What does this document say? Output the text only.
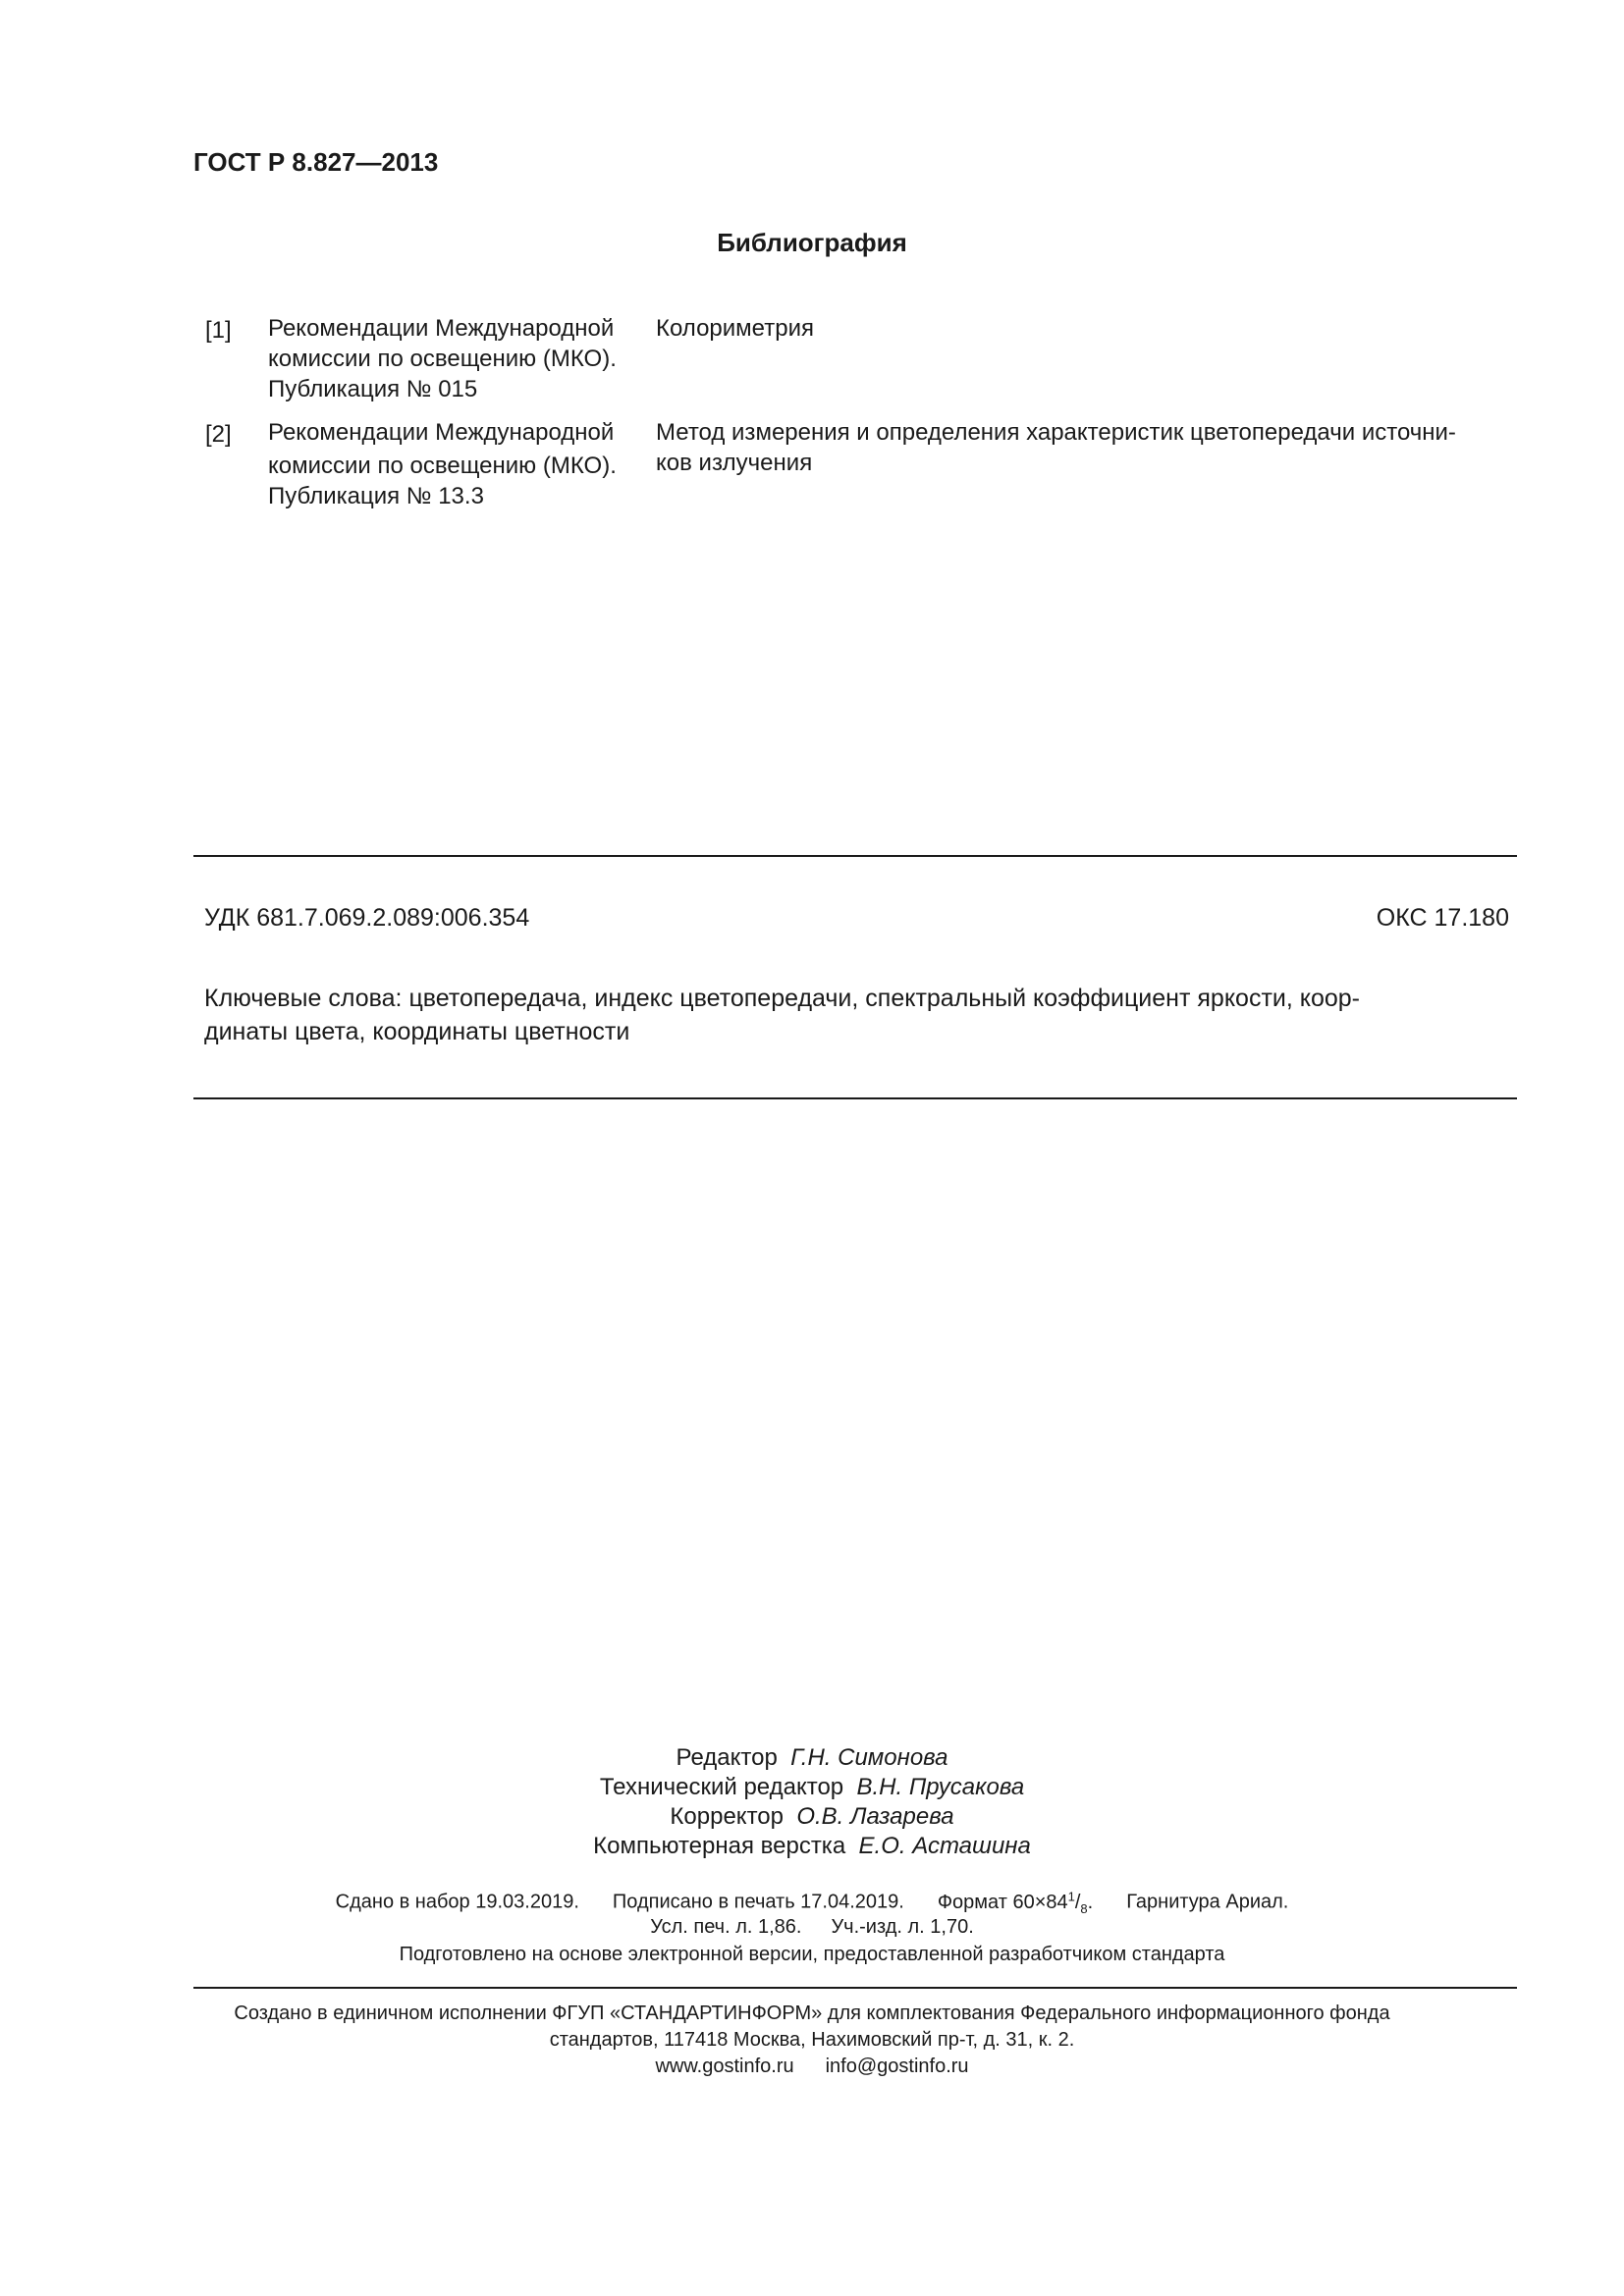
ГОСТ Р 8.827—2013
Библиография
[1] Рекомендации Международной
комиссии по освещению (МКО).
Публикация № 015
Колориметрия
[2] Рекомендации Международной
комиссии по освещению (МКО).
Публикация № 13.3
Метод измерения и определения характеристик цветопередачи источни-
ков излучения
УДК 681.7.069.2.089:006.354	ОКС 17.180
Ключевые слова: цветопередача, индекс цветопередачи, спектральный коэффициент яркости, коор-
динаты цвета, координаты цветности
Редактор Г.Н. Симонова
Технический редактор В.Н. Прусакова
Корректор О.В. Лазарева
Компьютерная верстка Е.О. Асташина
Сдано в набор 19.03.2019. Подписано в печать 17.04.2019. Формат $60\times 84^1/_8$. Гарнитура Ариал.
Усл. печ. л. 1,86. Уч.-изд. л. 1,70.
Подготовлено на основе электронной версии, предоставленной разработчиком стандарта
Создано в единичном исполнении ФГУП «СТАНДАРТИНФОРМ» для комплектования Федерального информационного фонда
стандартов, 117418 Москва, Нахимовский пр-т, д. 31, к. 2.
www.gostinfo.ru info@gostinfo.ru
